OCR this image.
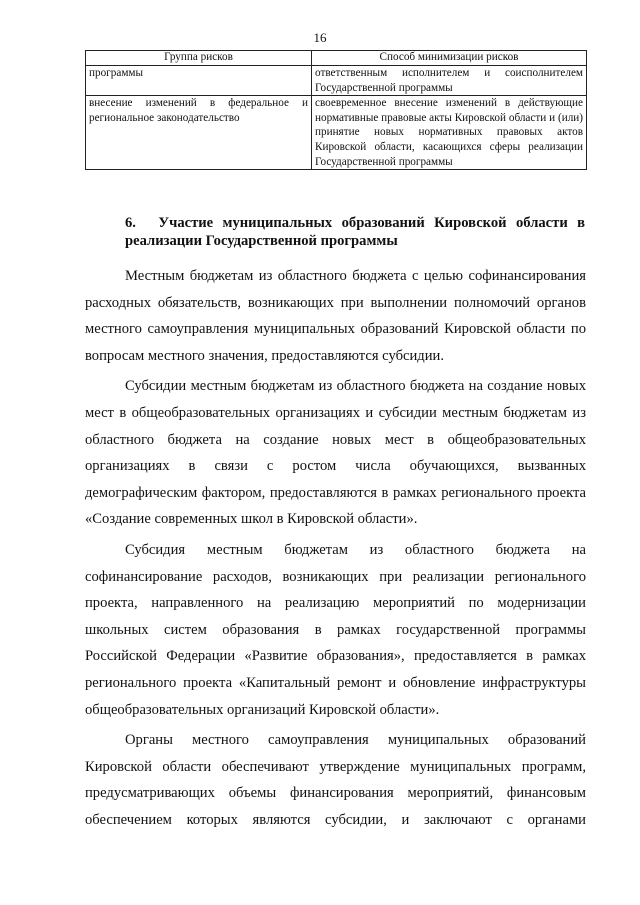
16
Группа рисков	Способ минимизации рисков
программы	ответственным исполнителем и соисполнителем Государственной программы
внесение изменений в федеральное и региональное законодательство	своевременное внесение изменений в действующие нормативные правовые акты Кировской области и (или) принятие новых нормативных правовых актов Кировской области, касающихся сферы реализации Государственной программы
6. Участие муниципальных образований Кировской области в реализации Государственной программы

Местным бюджетам из областного бюджета с целью софинансирования расходных обязательств, возникающих при выполнении полномочий органов местного самоуправления муниципальных образований Кировской области по вопросам местного значения, предоставляются субсидии.

Субсидии местным бюджетам из областного бюджета на создание новых мест в общеобразовательных организациях и субсидии местным бюджетам из областного бюджета на создание новых мест в общеобразовательных организациях в связи с ростом числа обучающихся, вызванных демографическим фактором, предоставляются в рамках регионального проекта «Создание современных школ в Кировской области».

Субсидия местным бюджетам из областного бюджета на софинансирование расходов, возникающих при реализации регионального проекта, направленного на реализацию мероприятий по модернизации школьных систем образования в рамках государственной программы Российской Федерации «Развитие образования», предоставляется в рамках регионального проекта «Капитальный ремонт и обновление инфраструктуры общеобразовательных организаций Кировской области».

Органы местного самоуправления муниципальных образований Кировской области обеспечивают утверждение муниципальных программ, предусматривающих объемы финансирования мероприятий, финансовым обеспечением которых являются субсидии, и заключают с органами
